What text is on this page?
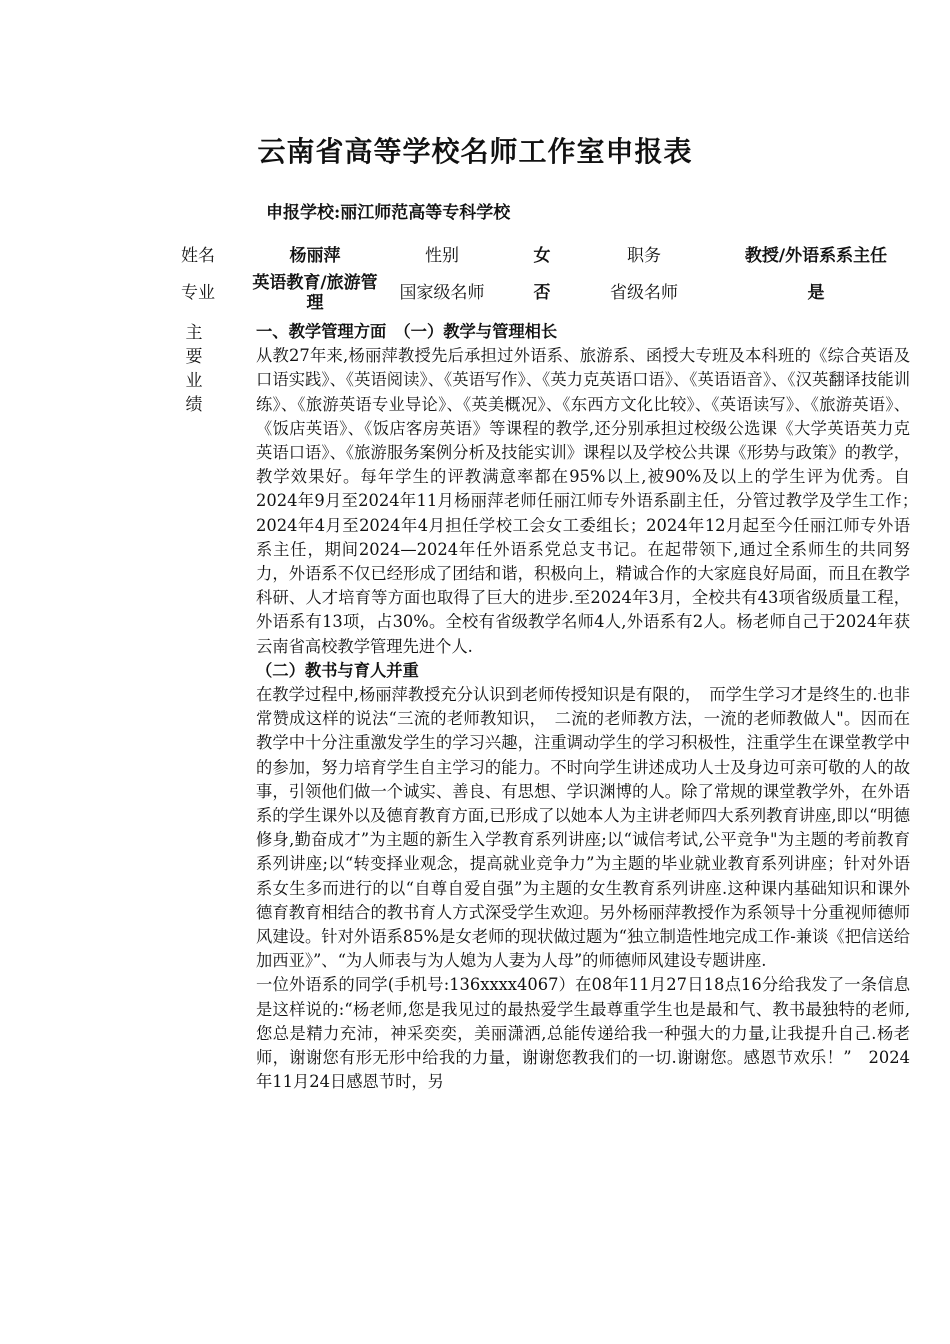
云南省高等学校名师工作室申报表
申报学校:丽江师范高等专科学校
姓名	杨丽萍	性别	女	职务	教授/外语系系主任
专业	英语教育/旅游管理	国家级名师	否	省级名师	是
主
要
业
绩

一、教学管理方面　（一）教学与管理相长

从教27年来,杨丽萍教授先后承担过外语系、旅游系、函授大专班及本科班的《综合英语及口语实践》、《英语阅读》、《英语写作》、《英力克英语口语》、《英语语音》、《汉英翻译技能训练》、《旅游英语专业导论》、《英美概况》、《东西方文化比较》、《英语读写》、《旅游英语》、《饭店英语》、《饭店客房英语》等课程的教学,还分别承担过校级公选课《大学英语英力克英语口语》、《旅游服务案例分析及技能实训》课程以及学校公共课《形势与政策》的教学，教学效果好。每年学生的评教满意率都在95%以上,被90%及以上的学生评为优秀。自2024年9月至2024年11月杨丽萍老师任丽江师专外语系副主任，分管过教学及学生工作；　2024年4月至2024年4月担任学校工会女工委组长；2024年12月起至今任丽江师专外语系主任，期间2024—2024年任外语系党总支书记。在起带领下,通过全系师生的共同努力，外语系不仅已经形成了团结和谐，积极向上，精诚合作的大家庭良好局面，而且在教学科研、人才培育等方面也取得了巨大的进步.至2024年3月，全校共有43项省级质量工程，外语系有13项，占30%。全校有省级教学名师4人,外语系有2人。杨老师自己于2024年获云南省高校教学管理先进个人.

（二）教书与育人并重

在教学过程中,杨丽萍教授充分认识到老师传授知识是有限的，　而学生学习才是终生的.也非常赞成这样的说法“三流的老师教知识，　二流的老师教方法，一流的老师教做人"。因而在教学中十分注重激发学生的学习兴趣，注重调动学生的学习积极性，注重学生在课堂教学中的参加，努力培育学生自主学习的能力。不时向学生讲述成功人士及身边可亲可敬的人的故事，引领他们做一个诚实、善良、有思想、学识渊博的人。除了常规的课堂教学外，在外语系的学生课外以及德育教育方面,已形成了以她本人为主讲老师四大系列教育讲座,即以“明德修身,勤奋成才”为主题的新生入学教育系列讲座;以“诚信考试,公平竞争"为主题的考前教育系列讲座;以“转变择业观念，提高就业竞争力”为主题的毕业就业教育系列讲座；针对外语系女生多而进行的以“自尊自爱自强”为主题的女生教育系列讲座.这种课内基础知识和课外德育教育相结合的教书育人方式深受学生欢迎。另外杨丽萍教授作为系领导十分重视师德师风建设。针对外语系85%是女老师的现状做过题为“独立制造性地完成工作-兼谈《把信送给加西亚》”、“为人师表与为人媳为人妻为人母”的师德师风建设专题讲座.

一位外语系的同学(手机号:136xxxx4067）在08年11月27日18点16分给我发了一条信息是这样说的:“杨老师,您是我见过的最热爱学生最尊重学生也是最和气、教书最独特的老师,您总是精力充沛，神采奕奕，美丽潇洒,总能传递给我一种强大的力量,让我提升自己.杨老师，谢谢您有形无形中给我的力量，谢谢您教我们的一切.谢谢您。感恩节欢乐！”　2024年11月24日感恩节时，另
